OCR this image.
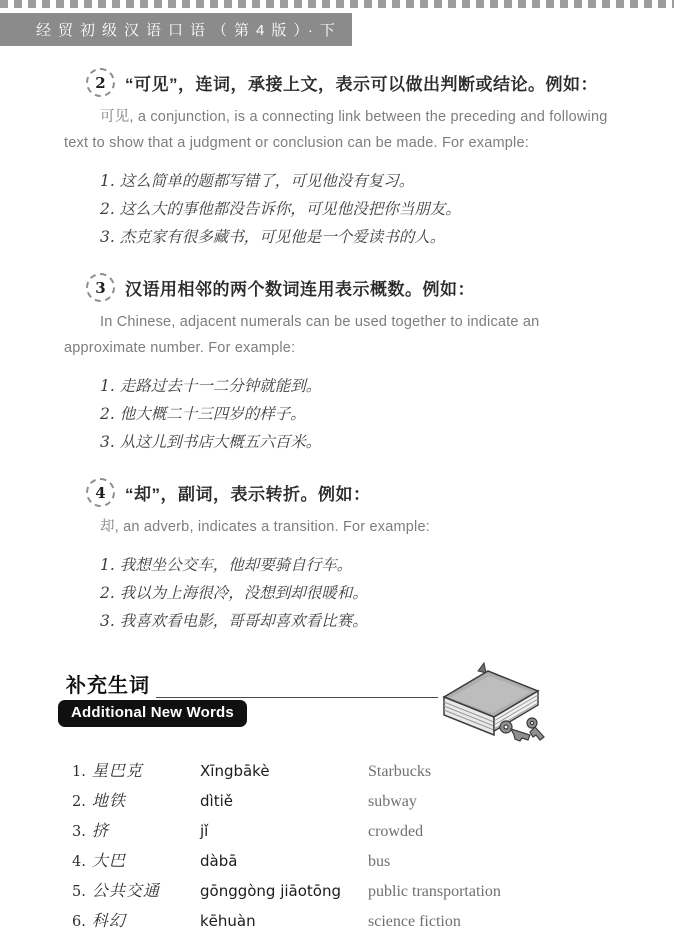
经贸初级汉语口语（第4版）·下
2 “可见”，连词，承接上文，表示可以做出判断或结论。例如：

可见, a conjunction, is a connecting link between the preceding and following text to show that a judgment or conclusion can be made. For example:

1. 这么简单的题都写错了，可见他没有复习。
2. 这么大的事他都没告诉你，可见他没把你当朋友。
3. 杰克家有很多藏书，可见他是一个爱读书的人。
3 汉语用相邻的两个数词连用表示概数。例如：

In Chinese, adjacent numerals can be used together to indicate an approximate number. For example:

1. 走路过去十一二分钟就能到。
2. 他大概二十三四岁的样子。
3. 从这儿到书店大概五六百米。
4 “却”，副词，表示转折。例如：

却, an adverb, indicates a transition. For example:

1. 我想坐公交车，他却要骑自行车。
2. 我以为上海很冷，没想到却很暖和。
3. 我喜欢看电影，哥哥却喜欢看比赛。
补充生词
Additional New Words
1. 星巴克	Xīngbākè	Starbucks
2. 地铁	dìtiě	subway
3. 挤	jǐ	crowded
4. 大巴	dàbā	bus
5. 公共交通	gōnggòng jiāotōng	public transportation
6. 科幻	kēhuàn	science fiction
